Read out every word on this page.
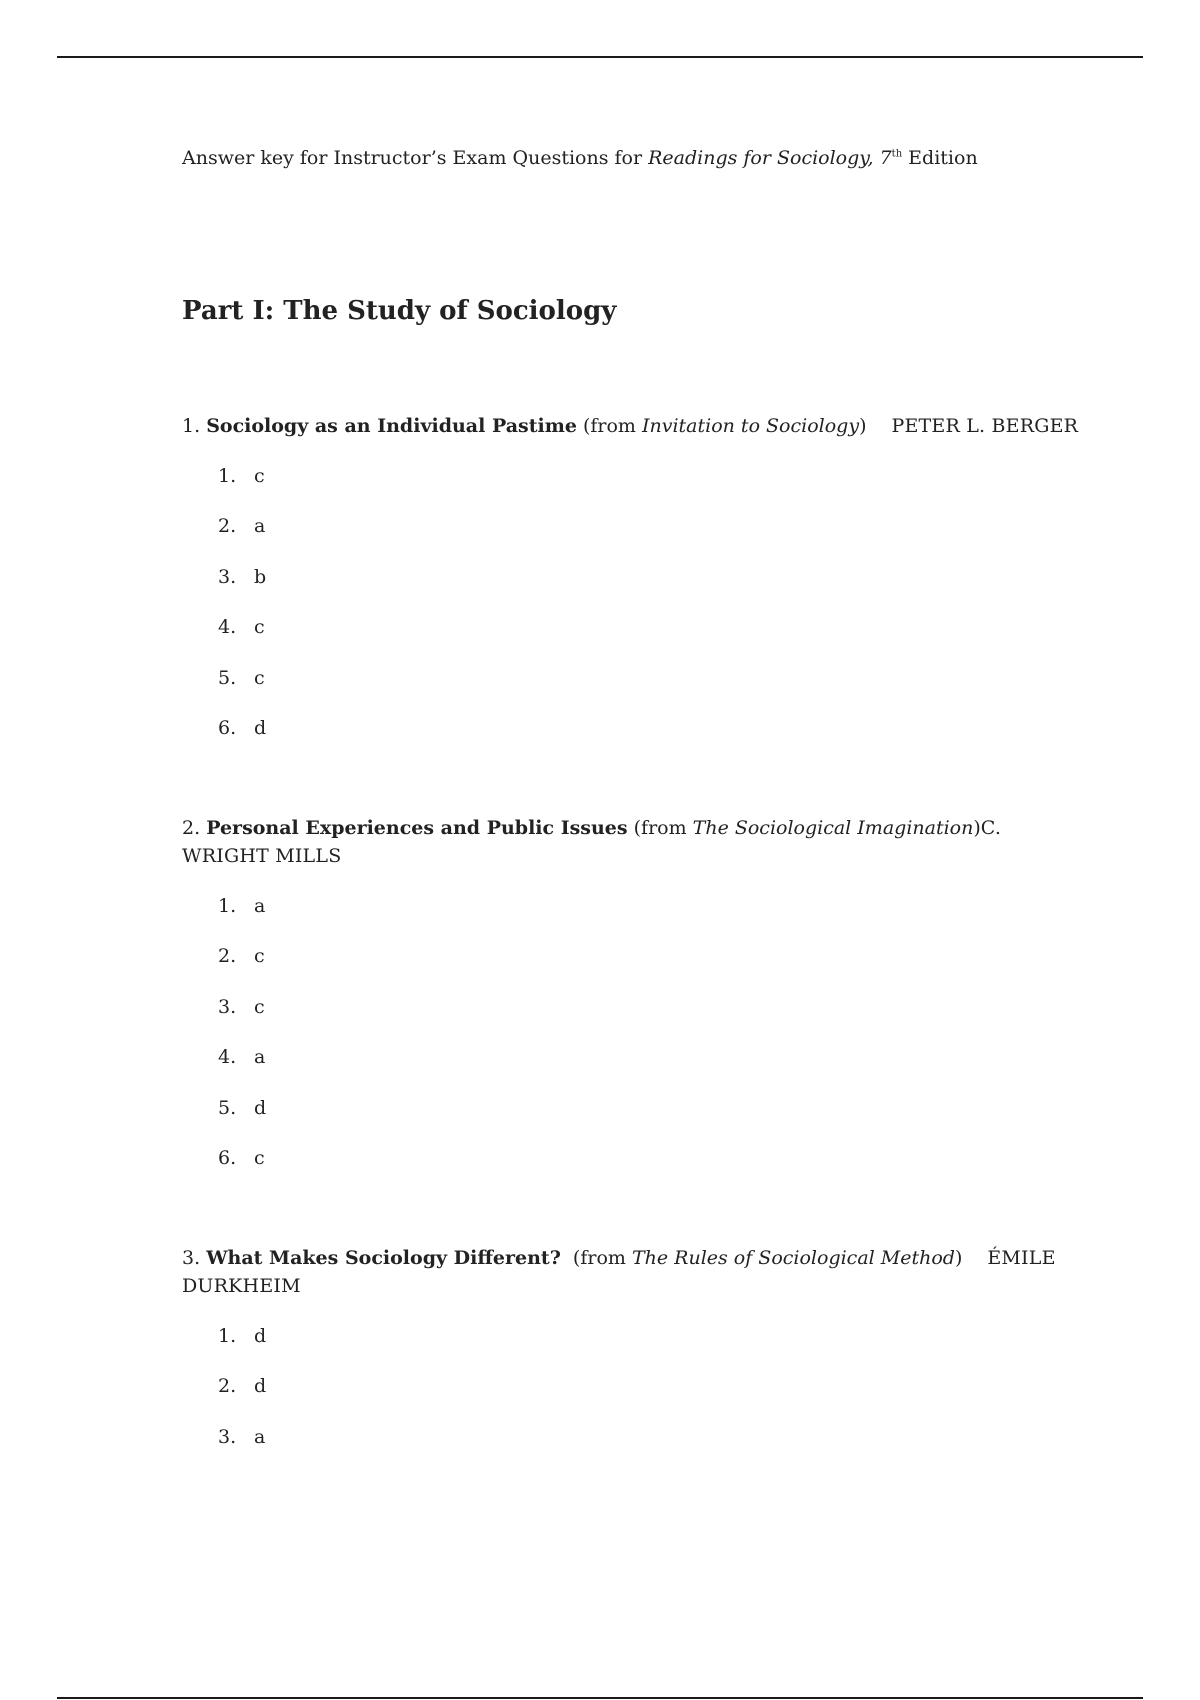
Answer key for Instructor’s Exam Questions for Readings for Sociology, 7th Edition
Part I: The Study of Sociology

1. Sociology as an Individual Pastime (from Invitation to Sociology)    PETER L. BERGER

1. c
2. a
3. b
4. c
5. c
6. d

2. Personal Experiences and Public Issues (from The Sociological Imagination)C. WRIGHT MILLS

1. a
2. c
3. c
4. a
5. d
6. c

3. What Makes Sociology Different?  (from The Rules of Sociological Method)    ÉMILE DURKHEIM

1. d
2. d
3. a
